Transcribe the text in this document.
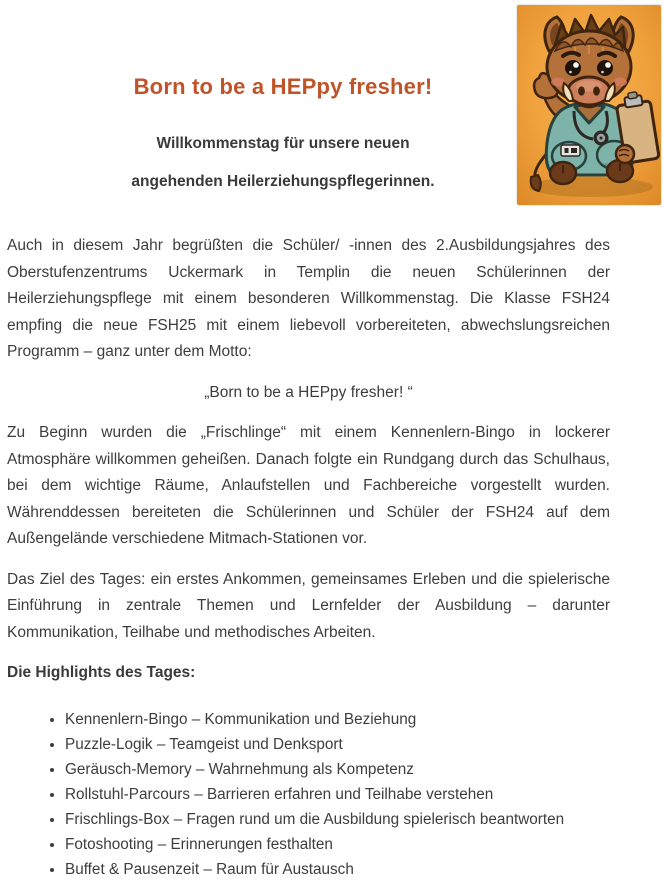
Born to be a HEPpy fresher!
Willkommenstag für unsere neuen
angehenden Heilerziehungspflegerinnen.

Auch in diesem Jahr begrüßten die Schüler/ -innen des 2.Ausbildungsjahres des Oberstufenzentrums Uckermark in Templin die neuen Schülerinnen der Heilerziehungspflege mit einem besonderen Willkommenstag. Die Klasse FSH24 empfing die neue FSH25 mit einem liebevoll vorbereiteten, abwechslungsreichen Programm – ganz unter dem Motto:

„Born to be a HEPpy fresher! “

Zu Beginn wurden die „Frischlinge“ mit einem Kennenlern-Bingo in lockerer Atmosphäre willkommen geheißen. Danach folgte ein Rundgang durch das Schulhaus, bei dem wichtige Räume, Anlaufstellen und Fachbereiche vorgestellt wurden. Währenddessen bereiteten die Schülerinnen und Schüler der FSH24 auf dem Außengelände verschiedene Mitmach-Stationen vor.

Das Ziel des Tages: ein erstes Ankommen, gemeinsames Erleben und die spielerische Einführung in zentrale Themen und Lernfelder der Ausbildung – darunter Kommunikation, Teilhabe und methodisches Arbeiten.

Die Highlights des Tages:
• Kennenlern-Bingo – Kommunikation und Beziehung
• Puzzle-Logik – Teamgeist und Denksport
• Geräusch-Memory – Wahrnehmung als Kompetenz
• Rollstuhl-Parcours – Barrieren erfahren und Teilhabe verstehen
• Frischlings-Box – Fragen rund um die Ausbildung spielerisch beantworten
• Fotoshooting – Erinnerungen festhalten
• Buffet & Pausenzeit – Raum für Austausch
